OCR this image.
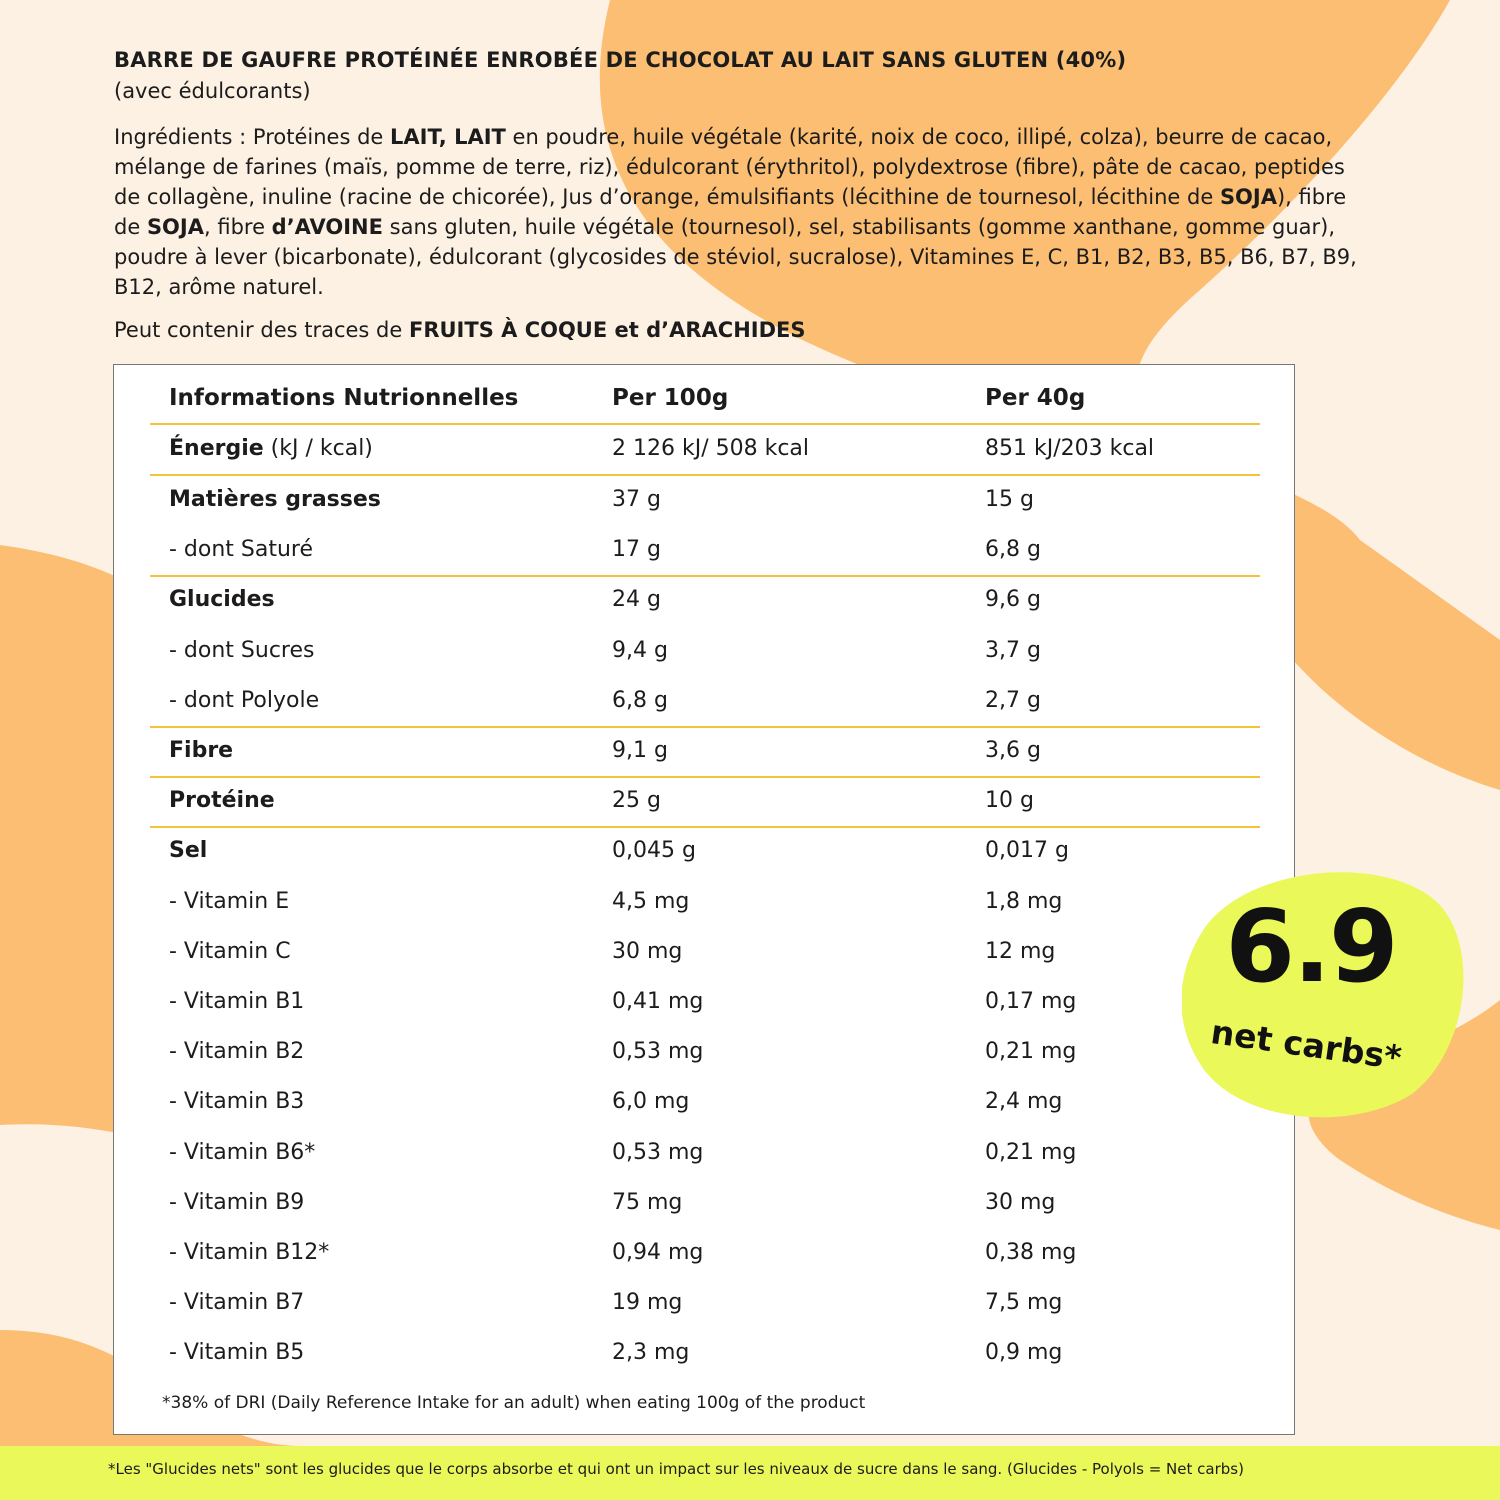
BARRE DE GAUFRE PROTÉINÉE ENROBÉE DE CHOCOLAT AU LAIT SANS GLUTEN (40%)
(avec édulcorants)

Ingrédients : Protéines de LAIT, LAIT en poudre, huile végétale (karité, noix de coco, illipé, colza), beurre de cacao, mélange de farines (maïs, pomme de terre, riz), édulcorant (érythritol), polydextrose (fibre), pâte de cacao, peptides de collagène, inuline (racine de chicorée), Jus d’orange, émulsifiants (lécithine de tournesol, lécithine de SOJA), fibre de SOJA, fibre d’AVOINE sans gluten, huile végétale (tournesol), sel, stabilisants (gomme xanthane, gomme guar), poudre à lever (bicarbonate), édulcorant (glycosides de stéviol, sucralose), Vitamines E, C, B1, B2, B3, B5, B6, B7, B9, B12, arôme naturel.

Peut contenir des traces de FRUITS À COQUE et d’ARACHIDES
Informations Nutrionnelles	Per 100g	Per 40g
Énergie (kJ / kcal)	2 126 kJ/ 508 kcal	851 kJ/203 kcal
Matières grasses	37 g	15 g
- dont Saturé	17 g	6,8 g
Glucides	24 g	9,6 g
- dont Sucres	9,4 g	3,7 g
- dont Polyole	6,8 g	2,7 g
Fibre	9,1 g	3,6 g
Protéine	25 g	10 g
Sel	0,045 g	0,017 g
- Vitamin E	4,5 mg	1,8 mg
- Vitamin C	30 mg	12 mg
- Vitamin B1	0,41 mg	0,17 mg
- Vitamin B2	0,53 mg	0,21 mg
- Vitamin B3	6,0 mg	2,4 mg
- Vitamin B6*	0,53 mg	0,21 mg
- Vitamin B9	75 mg	30 mg
- Vitamin B12*	0,94 mg	0,38 mg
- Vitamin B7	19 mg	7,5 mg
- Vitamin B5	2,3 mg	0,9 mg
*38% of DRI (Daily Reference Intake for an adult) when eating 100g of the product
6.9
net carbs*
*Les "Glucides nets" sont les glucides que le corps absorbe et qui ont un impact sur les niveaux de sucre dans le sang. (Glucides - Polyols = Net carbs)
